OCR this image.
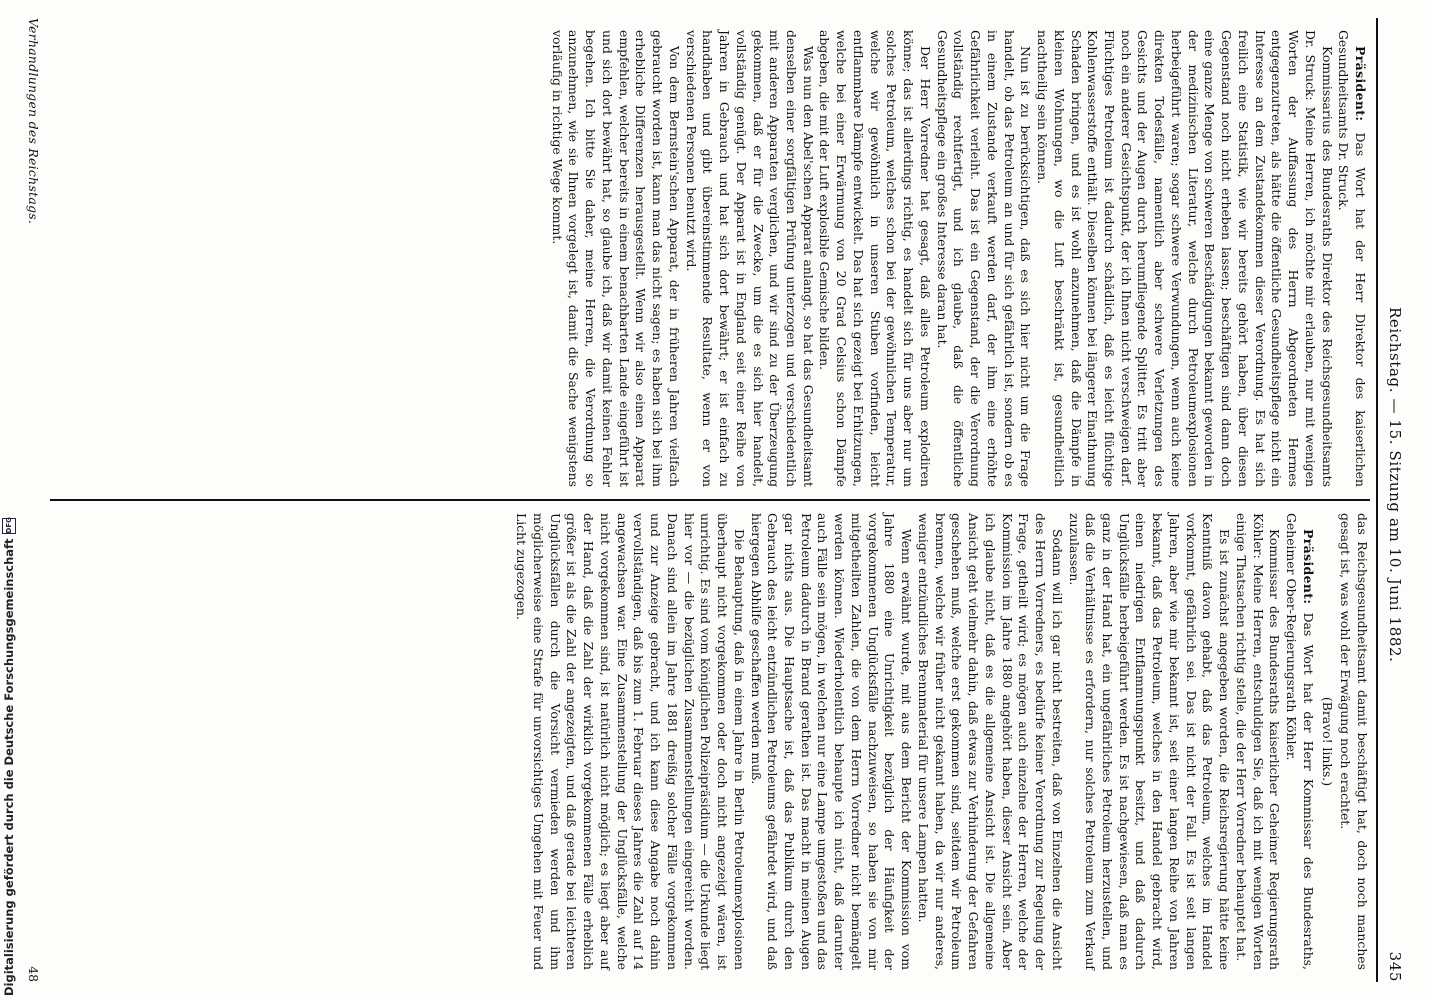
Reichstag. — 15. Sitzung am 10. Juni 1882.
345

Präsident: Das Wort hat der Herr Direktor des kaiserlichen Gesundheitsamts Dr. Struck.

Kommissarius des Bundesraths Direktor des Reichsgesundheitsamts Dr. Struck: Meine Herren, ich möchte mir erlauben, nur mit wenigen Worten der Auffassung des Herrn Abgeordneten Hermes entgegenzutreten, als hätte die öffentliche Gesundheitspflege nicht ein Interesse an dem Zustandekommen dieser Verordnung. Es hat sich freilich eine Statistik, wie wir bereits gehört haben, über diesen Gegenstand noch nicht erheben lassen; beschäftigen sind dann doch eine ganze Menge von schweren Beschädigungen bekannt geworden in der medizinischen Literatur, welche durch Petroleumexplosionen herbeigeführt waren; sogar schwere Verwundungen, wenn auch keine direkten Todesfälle, namentlich aber schwere Verletzungen des Gesichts und der Augen durch herumfliegende Splitter. Es tritt aber noch ein anderer Gesichtspunkt, der ich Ihnen nicht verschweigen darf. Flüchtiges Petroleum ist dadurch schädlich, daß es leicht flüchtige Kohlenwasserstoffe enthält. Dieselben können bei längerer Einathmung Schaden bringen, und es ist wohl anzunehmen, daß die Dämpfe in kleinen Wohnungen, wo die Luft beschränkt ist, gesundheitlich nachtheilig sein können.

Nun ist zu berücksichtigen, daß es sich hier nicht um die Frage handelt, ob das Petroleum an und für sich gefährlich ist, sondern ob es in einem Zustande verkauft werden darf, der ihm eine erhöhte Gefährlichkeit verleiht. Das ist ein Gegenstand, der die Verordnung vollständig rechtfertigt, und ich glaube, daß die öffentliche Gesundheitspflege ein großes Interesse daran hat.

Der Herr Vorredner hat gesagt, daß alles Petroleum explodiren könne; das ist allerdings richtig, es handelt sich für uns aber nur um solches Petroleum, welches schon bei der gewöhnlichen Temperatur, welche wir gewöhnlich in unseren Stuben vorfinden, leicht entflammbare Dämpfe entwickelt. Das hat sich gezeigt bei Erhitzungen, welche bei einer Erwärmung von 20 Grad Celsius schon Dämpfe abgeben, die mit der Luft explosible Gemische bilden.

Was nun den Abel'schen Apparat anlangt, so hat das Gesundheitsamt denselben einer sorgfältigen Prüfung unterzogen und verschiedentlich mit anderen Apparaten verglichen, und wir sind zu der Überzeugung gekommen, daß er für die Zwecke, um die es sich hier handelt, vollständig genügt. Der Apparat ist in England seit einer Reihe von Jahren in Gebrauch und hat sich dort bewährt; er ist einfach zu handhaben und gibt übereinstimmende Resultate, wenn er von verschiedenen Personen benutzt wird.

Von dem Bernstein'schen Apparat, der in früheren Jahren vielfach gebraucht worden ist, kann man das nicht sagen; es haben sich bei ihm erhebliche Differenzen herausgestellt. Wenn wir also einen Apparat empfehlen, welcher bereits in einem benachbarten Lande eingeführt ist und sich dort bewährt hat, so glaube ich, daß wir damit keinen Fehler begehen. Ich bitte Sie daher, meine Herren, die Verordnung so anzunehmen, wie sie Ihnen vorgelegt ist, damit die Sache wenigstens vorläufig in richtige Wege kommt.

das Reichsgesundheitsamt damit beschäftigt hat, doch noch manches gesagt ist, was wohl der Erwägung noch erachtet.

(Bravo! links.)

Präsident: Das Wort hat der Herr Kommissar des Bundesraths, Geheimer Ober-Regierungsrath Köhler.

Kommissar des Bundesraths kaiserlicher Geheimer Regierungsrath Köhler: Meine Herren, entschuldigen Sie, daß ich mit wenigen Worten einige Thatsachen richtig stelle, die der Herr Vorredner behauptet hat.

Es ist zunächst angegeben worden, die Reichsregierung hätte keine Kenntniß davon gehabt, daß das Petroleum, welches im Handel vorkommt, gefährlich sei. Das ist nicht der Fall. Es ist seit langen Jahren, aber wie mir bekannt ist, seit einer langen Reihe von Jahren bekannt, daß das Petroleum, welches in den Handel gebracht wird, einen niedrigen Entflammungspunkt besitzt, und daß dadurch Unglücksfälle herbeigeführt werden. Es ist nachgewiesen, daß man es ganz in der Hand hat, ein ungefährliches Petroleum herzustellen, und daß die Verhältnisse es erfordern, nur solches Petroleum zum Verkauf zuzulassen.

Sodann will ich gar nicht bestreiten, daß von Einzelnen die Ansicht des Herrn Vorredners, es bedürfe keiner Verordnung zur Regelung der Frage, getheilt wird; es mögen auch einzelne der Herren, welche der Kommission im Jahre 1880 angehört haben, dieser Ansicht sein. Aber ich glaube nicht, daß es die allgemeine Ansicht ist. Die allgemeine Ansicht geht vielmehr dahin, daß etwas zur Verhinderung der Gefahren geschehen muß, welche erst gekommen sind, seitdem wir Petroleum brennen, welche wir früher nicht gekannt haben, da wir nur anderes, weniger entzündliches Brennmaterial für unsere Lampen hatten.

Wenn erwähnt wurde, mit aus dem Bericht der Kommission vom Jahre 1880 eine Unrichtigkeit bezüglich der Häufigkeit der vorgekommenen Unglücksfälle nachzuweisen, so haben sie von mir mitgetheilten Zahlen, die von dem Herrn Vorredner nicht bemängelt werden können. Wiederholentlich behaupte ich nicht, daß darunter auch Fälle sein mögen, in welchen nur eine Lampe umgestoßen und das Petroleum dadurch in Brand gerathen ist. Das macht in meinen Augen gar nichts aus. Die Hauptsache ist, daß das Publikum durch den Gebrauch des leicht entzündlichen Petroleums gefährdet wird, und daß hiergegen Abhilfe geschaffen werden muß.

Die Behauptung, daß in einem Jahre in Berlin Petroleumexplosionen überhaupt nicht vorgekommen oder doch nicht angezeigt wären, ist unrichtig. Es sind vom königlichen Polizeipräsidium — die Urkunde liegt hier vor — die bezüglichen Zusammenstellungen eingereicht worden. Danach sind allein im Jahre 1881 dreißig solcher Fälle vorgekommen und zur Anzeige gebracht, und ich kann diese Angabe noch dahin vervollständigen, daß bis zum 1. Februar dieses Jahres die Zahl auf 14 angewachsen war. Eine Zusammenstellung der Unglücksfälle, welche nicht vorgekommen sind, ist natürlich nicht möglich; es liegt aber auf der Hand, daß die Zahl der wirklich vorgekommenen Fälle erheblich größer ist als die Zahl der angezeigten, und daß gerade bei leichteren Unglücksfällen durch die Vorsicht vermieden werden und ihm möglicherweise eine Strafe für unvorsichtiges Umgehen mit Feuer und Licht zugezogen.

Verhandlungen des Reichstags.
48
Digitalisierung gefördert durch die Deutsche Forschungsgemeinschaft
DFG
